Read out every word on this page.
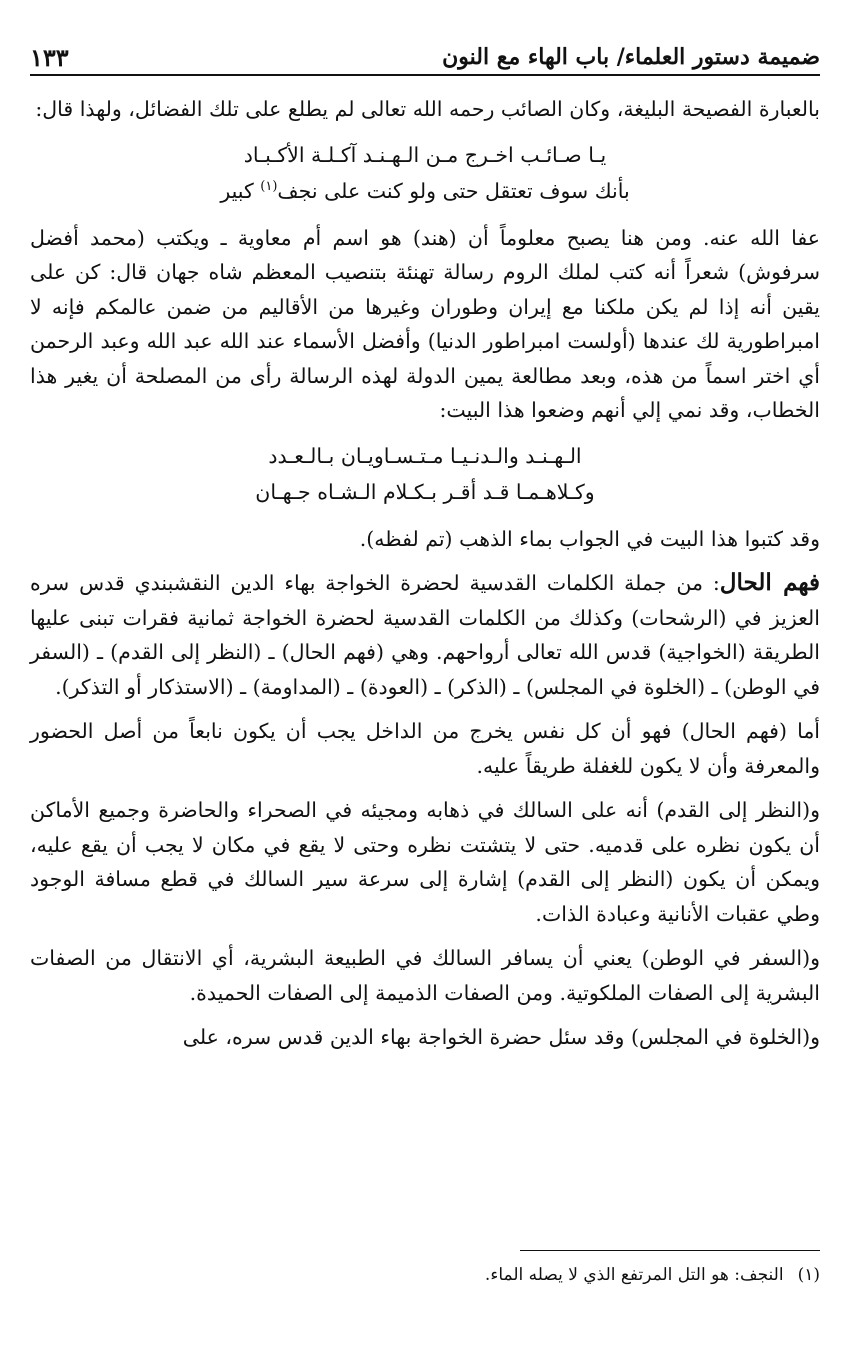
ضميمة دستور العلماء/ باب الهاء مع النون
١٣٣

بالعبارة الفصيحة البليغة، وكان الصائب رحمه الله تعالى لم يطلع على تلك الفضائل، ولهذا قال:

يـا صـائـب اخـرج مـن الـهـنـد آكـلـة الأكـبـاد
بأنك سوف تعتقل حتى ولو كنت على نجف$^{(١)}$ كبير

عفا الله عنه. ومن هنا يصبح معلوماً أن (هند) هو اسم أم معاوية ـ ويكتب (محمد أفضل سرفوش) شعراً أنه كتب لملك الروم رسالة تهنئة بتنصيب المعظم شاه جهان قال: كن على يقين أنه إذا لم يكن ملكنا مع إيران وطوران وغيرها من الأقاليم من ضمن عالمكم فإنه لا امبراطورية لك عندها (أولست امبراطور الدنيا) وأفضل الأسماء عند الله عبد الله وعبد الرحمن أي اختر اسماً من هذه، وبعد مطالعة يمين الدولة لهذه الرسالة رأى من المصلحة أن يغير هذا الخطاب، وقد نمي إلي أنهم وضعوا هذا البيت:

الـهـنـد والـدنـيـا مـتـسـاويـان بـالـعـدد
وكـلاهـمـا قـد أقـر بـكـلام الـشـاه جـهـان

وقد كتبوا هذا البيت في الجواب بماء الذهب (تم لفظه).

فهم الحال: من جملة الكلمات القدسية لحضرة الخواجة بهاء الدين النقشبندي قدس سره العزيز في (الرشحات) وكذلك من الكلمات القدسية لحضرة الخواجة ثمانية فقرات تبنى عليها الطريقة (الخواجية) قدس الله تعالى أرواحهم. وهي (فهم الحال) ـ (النظر إلى القدم) ـ (السفر في الوطن) ـ (الخلوة في المجلس) ـ (الذكر) ـ (العودة) ـ (المداومة) ـ (الاستذكار أو التذكر).

أما (فهم الحال) فهو أن كل نفس يخرج من الداخل يجب أن يكون نابعاً من أصل الحضور والمعرفة وأن لا يكون للغفلة طريقاً عليه.

و(النظر إلى القدم) أنه على السالك في ذهابه ومجيئه في الصحراء والحاضرة وجميع الأماكن أن يكون نظره على قدميه. حتى لا يتشتت نظره وحتى لا يقع في مكان لا يجب أن يقع عليه، ويمكن أن يكون (النظر إلى القدم) إشارة إلى سرعة سير السالك في قطع مسافة الوجود وطي عقبات الأنانية وعبادة الذات.

و(السفر في الوطن) يعني أن يسافر السالك في الطبيعة البشرية، أي الانتقال من الصفات البشرية إلى الصفات الملكوتية. ومن الصفات الذميمة إلى الصفات الحميدة.

و(الخلوة في المجلس) وقد سئل حضرة الخواجة بهاء الدين قدس سره، على

(١)النجف: هو التل المرتفع الذي لا يصله الماء.
